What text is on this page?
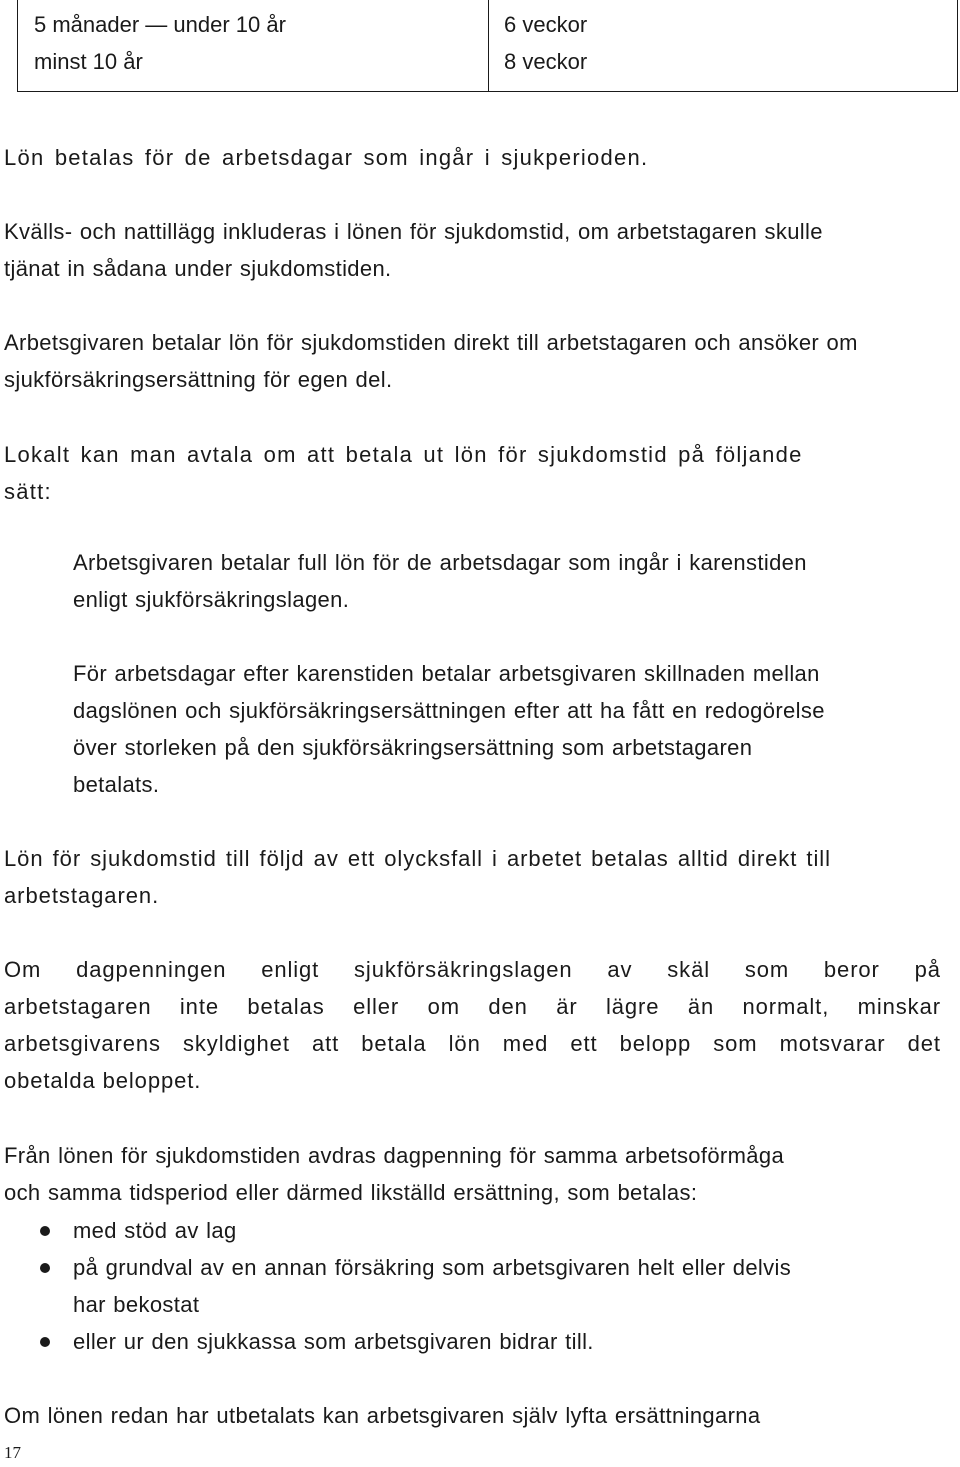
5 månader — under 10 år	6 veckor
minst 10 år	8 veckor
Lön betalas för de arbetsdagar som ingår i sjukperioden.
Kvälls- och nattillägg inkluderas i lönen för sjukdomstid, om arbetstagaren skulle
tjänat in sådana under sjukdomstiden.
Arbetsgivaren betalar lön för sjukdomstiden direkt till arbetstagaren och ansöker om
sjukförsäkringsersättning för egen del.
Lokalt kan man avtala om att betala ut lön för sjukdomstid på följande
sätt:
Arbetsgivaren betalar full lön för de arbetsdagar som ingår i karenstiden
enligt sjukförsäkringslagen.
För arbetsdagar efter karenstiden betalar arbetsgivaren skillnaden mellan
dagslönen och sjukförsäkringsersättningen efter att ha fått en redogörelse
över storleken på den sjukförsäkringsersättning som arbetstagaren
betalats.
Lön för sjukdomstid till följd av ett olycksfall i arbetet betalas alltid direkt till
arbetstagaren.
Om dagpenningen enligt sjukförsäkringslagen av skäl som beror på
arbetstagaren inte betalas eller om den är lägre än normalt, minskar
arbetsgivarens skyldighet att betala lön med ett belopp som motsvarar det
obetalda beloppet.
Från lönen för sjukdomstiden avdras dagpenning för samma arbetsoförmåga
och samma tidsperiod eller därmed likställd ersättning, som betalas:
med stöd av lag
på grundval av en annan försäkring som arbetsgivaren helt eller delvis
har bekostat
eller ur den sjukkassa som arbetsgivaren bidrar till.
Om lönen redan har utbetalats kan arbetsgivaren själv lyfta ersättningarna
17
